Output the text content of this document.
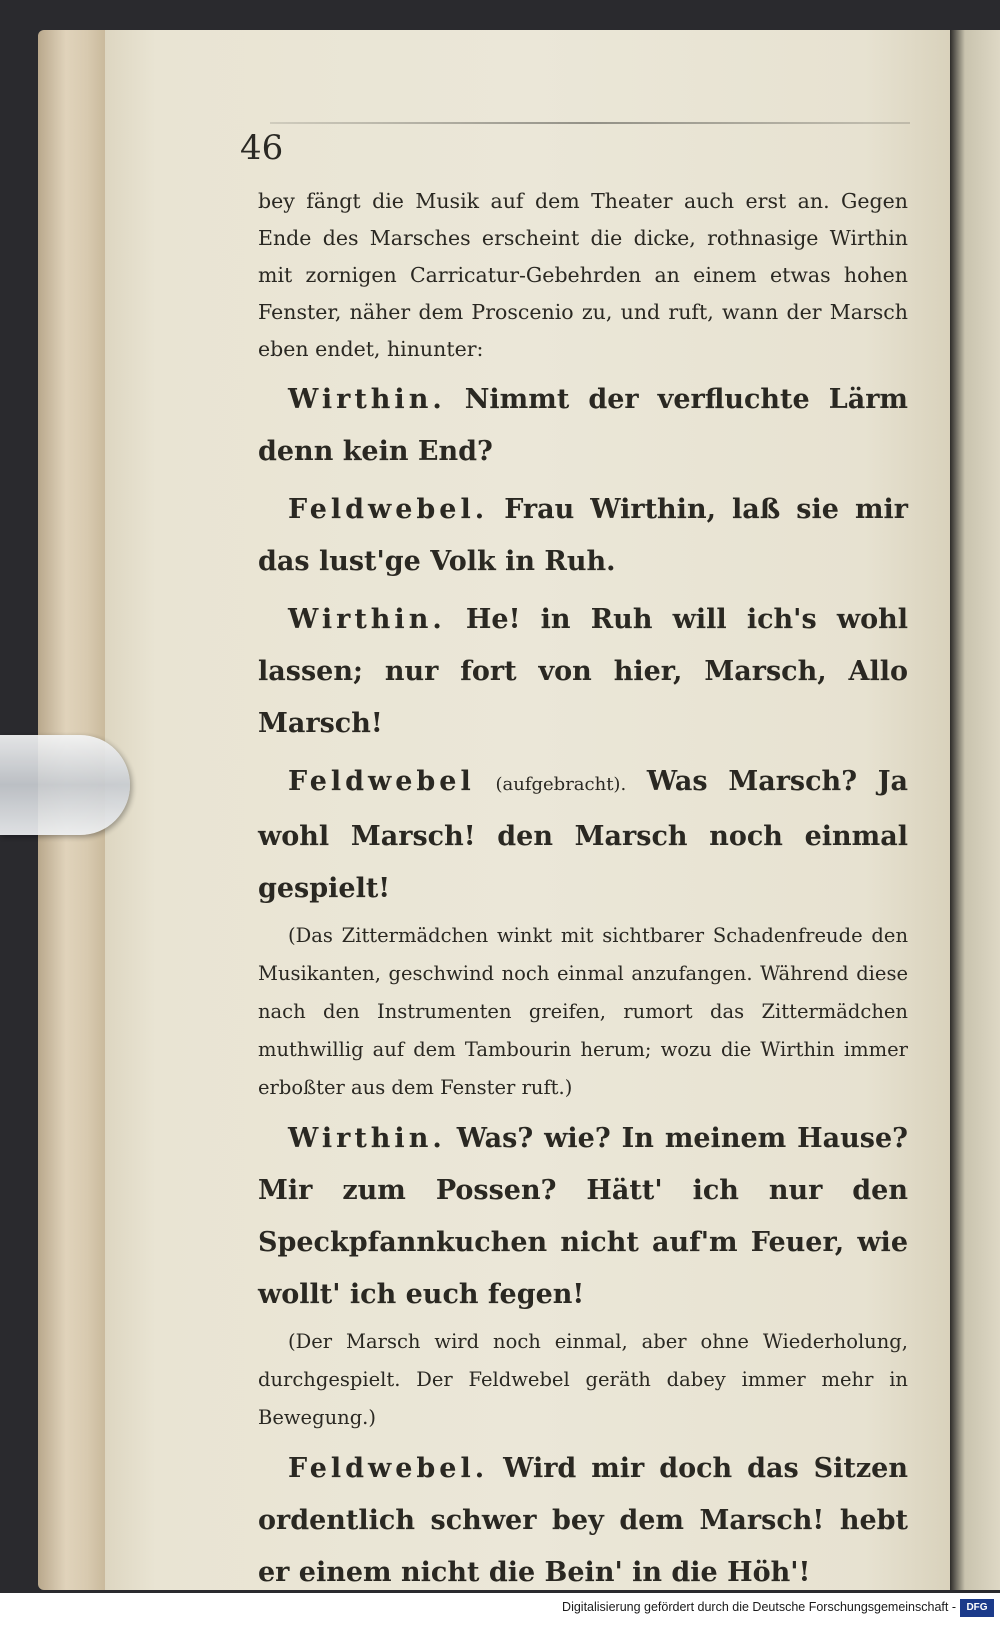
46

bey fängt die Musik auf dem Theater auch erst an. Gegen Ende des Marsches erscheint die dicke, rothnasige Wirthin mit zornigen Carricatur-Gebehrden an einem etwas hohen Fenster, näher dem Proscenio zu, und ruft, wann der Marsch eben endet, hinunter:

Wirthin. Nimmt der verfluchte Lärm denn kein End?

Feldwebel. Frau Wirthin, laß sie mir das lust'ge Volk in Ruh.

Wirthin. He! in Ruh will ich's wohl lassen; nur fort von hier, Marsch, Allo Marsch!

Feldwebel (aufgebracht). Was Marsch? Ja wohl Marsch! den Marsch noch einmal gespielt!

(Das Zittermädchen winkt mit sichtbarer Schadenfreude den Musikanten, geschwind noch einmal anzufangen. Während diese nach den Instrumenten greifen, rumort das Zittermädchen muthwillig auf dem Tambourin herum; wozu die Wirthin immer erboßter aus dem Fenster ruft.)

Wirthin. Was? wie? In meinem Hause? Mir zum Possen? Hätt' ich nur den Speckpfannkuchen nicht auf'm Feuer, wie wollt' ich euch fegen!

(Der Marsch wird noch einmal, aber ohne Wiederholung, durchgespielt. Der Feldwebel geräth dabey immer mehr in Bewegung.)

Feldwebel. Wird mir doch das Sitzen ordentlich schwer bey dem Marsch! hebt er einem nicht die Bein' in die Höh'!

Digitalisierung gefördert durch die Deutsche Forschungsgemeinschaft -	DFG
